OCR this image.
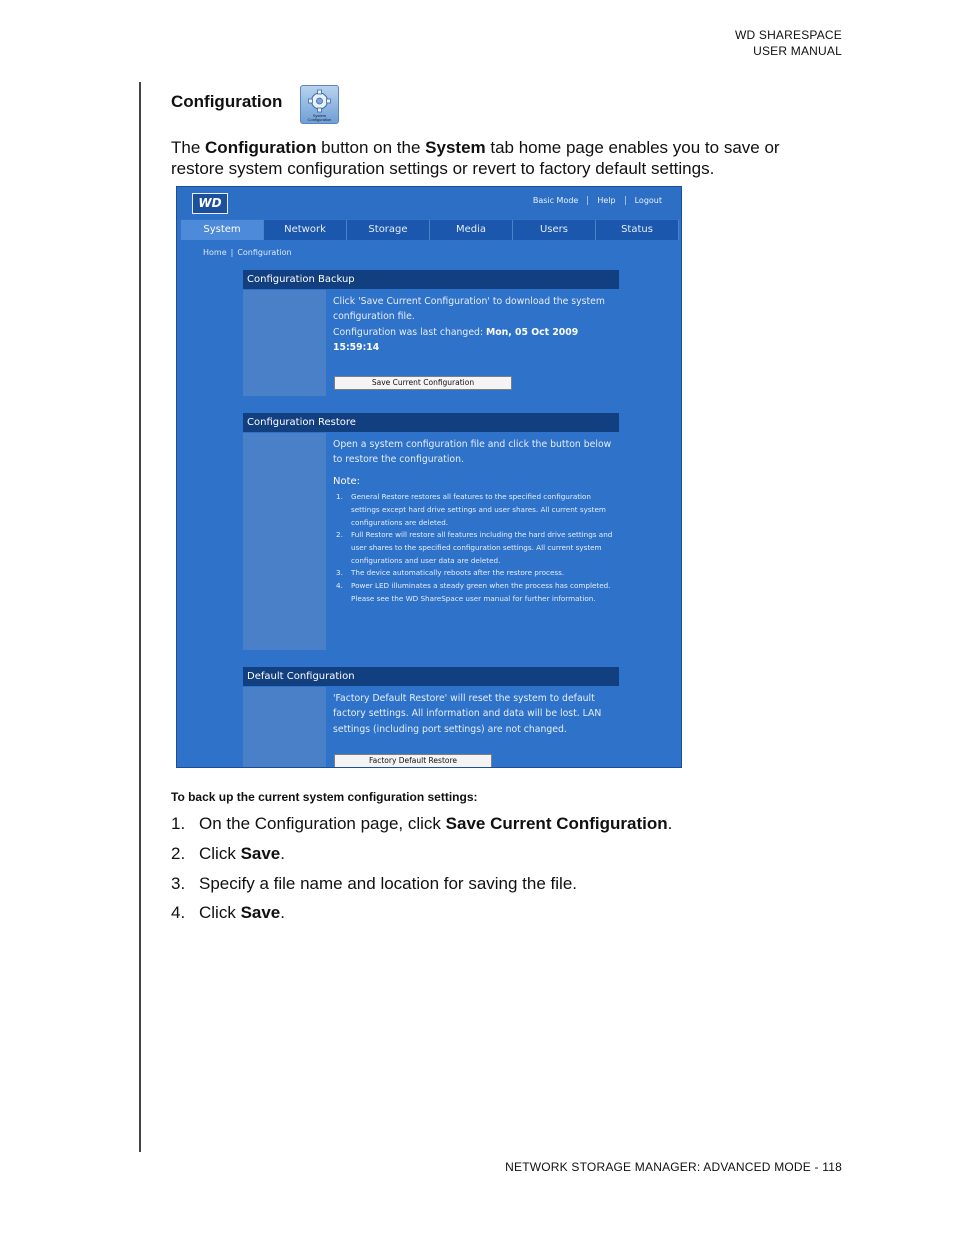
WD SHARESPACE
USER MANUAL
Configuration
System Configuration
The Configuration button on the System tab home page enables you to save or restore system configuration settings or revert to factory default settings.
WD	Basic Mode	Help	Logout
System	Network	Storage	Media	Users	Status
Home | Configuration
Configuration Backup
Click 'Save Current Configuration' to download the system configuration file.
Configuration was last changed: Mon, 05 Oct 2009 15:59:14
Save Current Configuration
Configuration Restore
Open a system configuration file and click the button below to restore the configuration.
Note:
1. General Restore restores all features to the specified configuration settings except hard drive settings and user shares. All current system configurations are deleted.
2. Full Restore will restore all features including the hard drive settings and user shares to the specified configuration settings. All current system configurations and user data are deleted.
3. The device automatically reboots after the restore process.
4. Power LED illuminates a steady green when the process has completed. Please see the WD ShareSpace user manual for further information.
Default Configuration
'Factory Default Restore' will reset the system to default factory settings. All information and data will be lost. LAN settings (including port settings) are not changed.
Factory Default Restore
To back up the current system configuration settings:
1. On the Configuration page, click Save Current Configuration.
2. Click Save.
3. Specify a file name and location for saving the file.
4. Click Save.
NETWORK STORAGE MANAGER: ADVANCED MODE - 118
